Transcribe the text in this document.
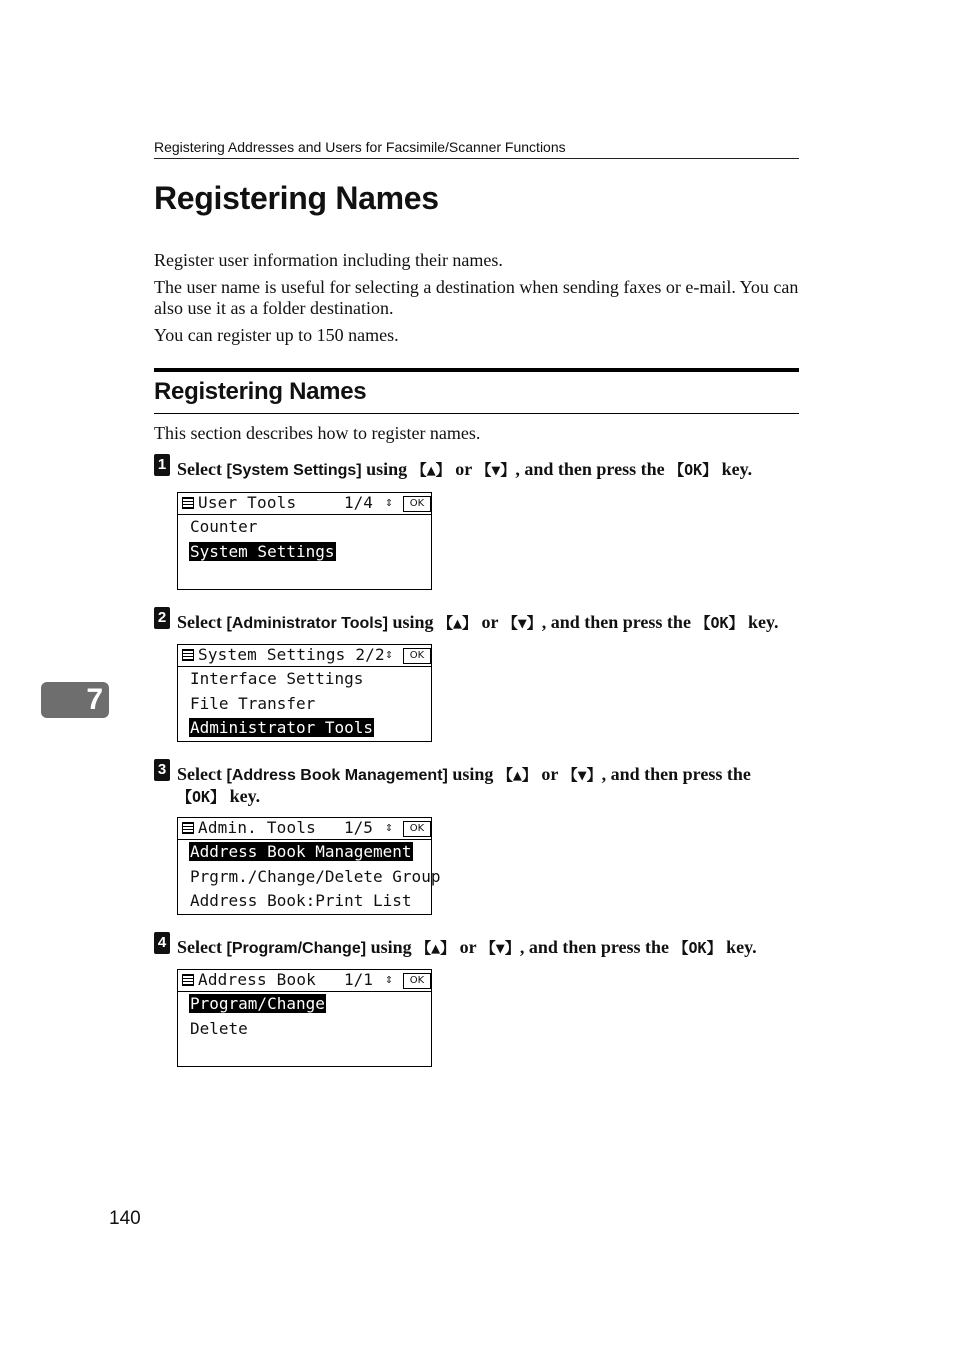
Registering Addresses and Users for Facsimile/Scanner Functions
Registering Names

Register user information including their names.

The user name is useful for selecting a destination when sending faxes or e-mail. You can also use it as a folder destination.

You can register up to 150 names.

Registering Names

This section describes how to register names.

1 Select [System Settings] using 【▲】 or 【▼】, and then press the 【OK】 key.
User Tools	1/4 ⇕	OK
Counter
System Settings
2 Select [Administrator Tools] using 【▲】 or 【▼】, and then press the 【OK】 key.
System Settings 2/2 ⇕	OK
Interface Settings
File Transfer
Administrator Tools
3 Select [Address Book Management] using 【▲】 or 【▼】, and then press the 【OK】 key.
Admin. Tools 1/5 ⇕	OK
Address Book Management
Prgrm./Change/Delete Group
Address Book:Print List
4 Select [Program/Change] using 【▲】 or 【▼】, and then press the 【OK】 key.
Address Book 1/1 ⇕	OK
Program/Change
Delete
7
140
